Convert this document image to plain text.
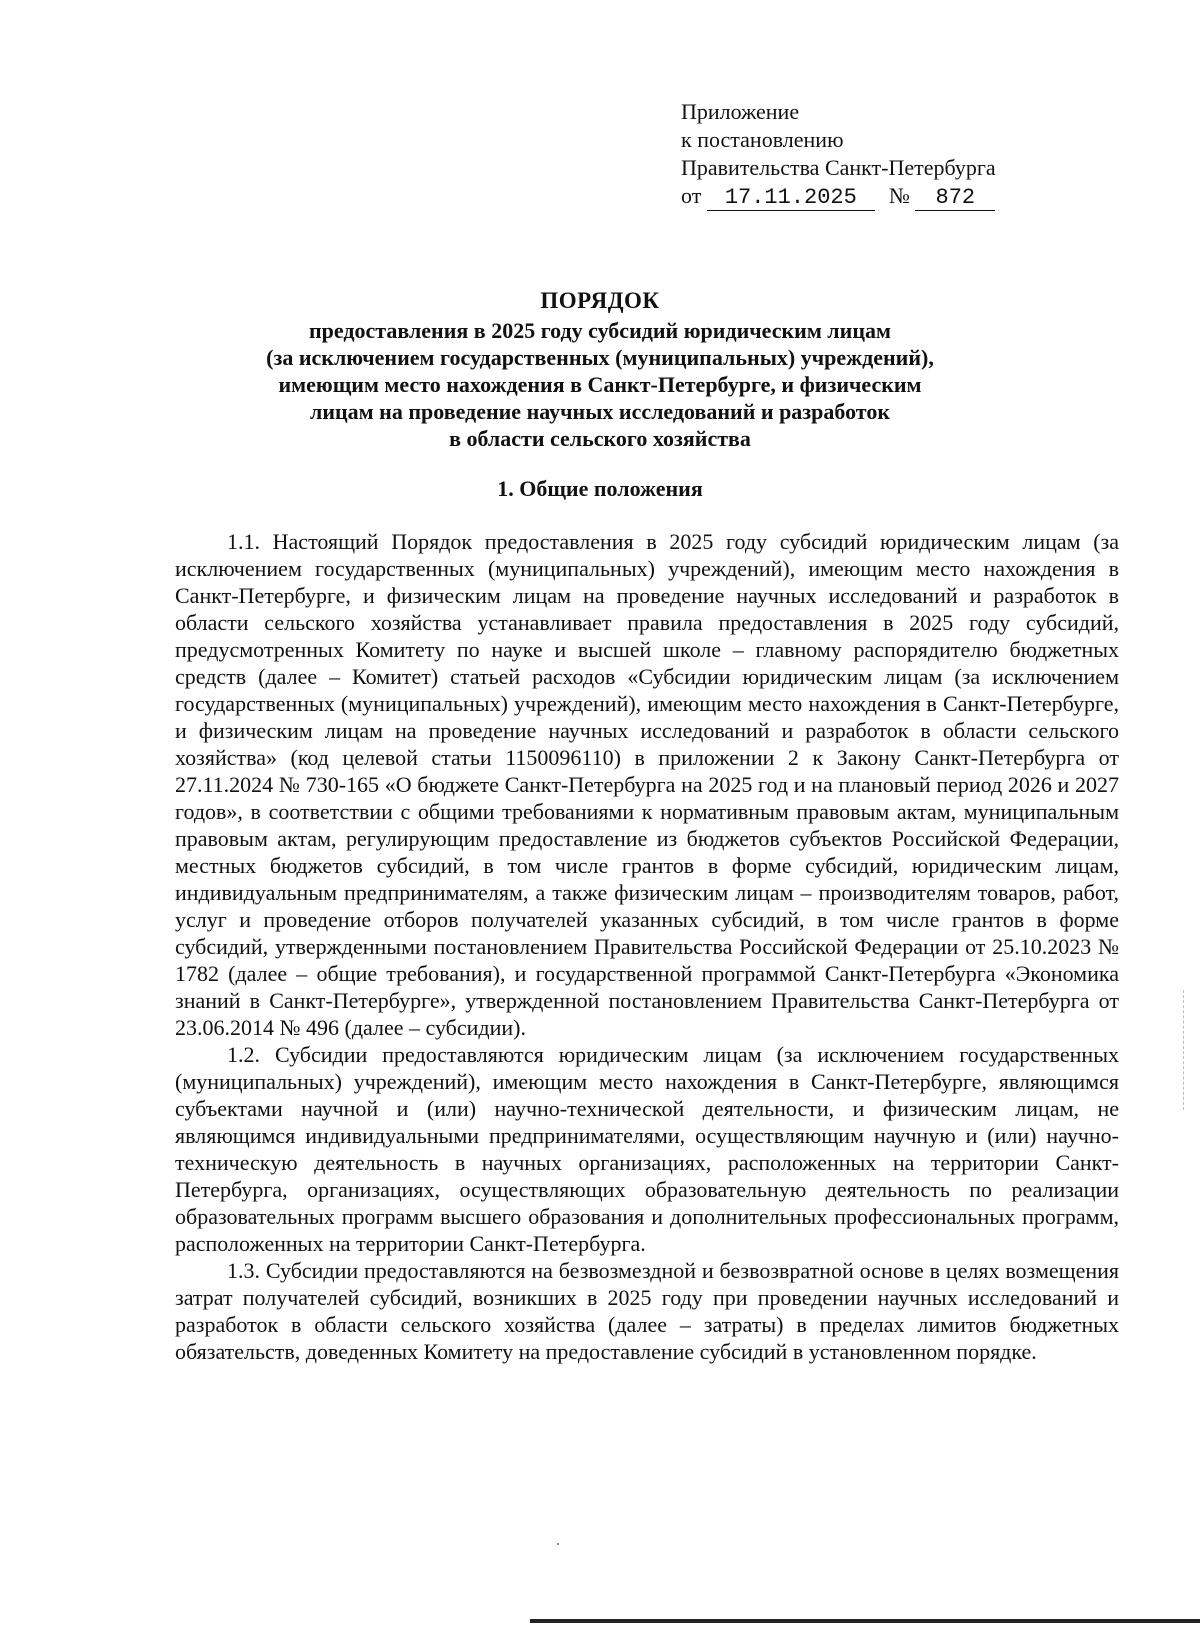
Приложение
к постановлению
Правительства Санкт-Петербурга
от 17.11.2025 № 872
ПОРЯДОК
предоставления в 2025 году субсидий юридическим лицам
(за исключением государственных (муниципальных) учреждений),
имеющим место нахождения в Санкт-Петербурге, и физическим
лицам на проведение научных исследований и разработок
в области сельского хозяйства
1. Общие положения

1.1. Настоящий Порядок предоставления в 2025 году субсидий юридическим лицам (за исключением государственных (муниципальных) учреждений), имеющим место нахождения в Санкт-Петербурге, и физическим лицам на проведение научных исследований и разработок в области сельского хозяйства устанавливает правила предоставления в 2025 году субсидий, предусмотренных Комитету по науке и высшей школе – главному распорядителю бюджетных средств (далее – Комитет) статьей расходов «Субсидии юридическим лицам (за исключением государственных (муниципальных) учреждений), имеющим место нахождения в Санкт-Петербурге, и физическим лицам на проведение научных исследований и разработок в области сельского хозяйства» (код целевой статьи 1150096110) в приложении 2 к Закону Санкт-Петербурга от 27.11.2024 № 730-165 «О бюджете Санкт-Петербурга на 2025 год и на плановый период 2026 и 2027 годов», в соответствии с общими требованиями к нормативным правовым актам, муниципальным правовым актам, регулирующим предоставление из бюджетов субъектов Российской Федерации, местных бюджетов субсидий, в том числе грантов в форме субсидий, юридическим лицам, индивидуальным предпринимателям, а также физическим лицам – производителям товаров, работ, услуг и проведение отборов получателей указанных субсидий, в том числе грантов в форме субсидий, утвержденными постановлением Правительства Российской Федерации от 25.10.2023 № 1782 (далее – общие требования), и государственной программой Санкт-Петербурга «Экономика знаний в Санкт-Петербурге», утвержденной постановлением Правительства Санкт-Петербурга от 23.06.2014 № 496 (далее – субсидии).

1.2. Субсидии предоставляются юридическим лицам (за исключением государственных (муниципальных) учреждений), имеющим место нахождения в Санкт-Петербурге, являющимся субъектами научной и (или) научно-технической деятельности, и физическим лицам, не являющимся индивидуальными предпринимателями, осуществляющим научную и (или) научно-техническую деятельность в научных организациях, расположенных на территории Санкт-Петербурга, организациях, осуществляющих образовательную деятельность по реализации образовательных программ высшего образования и дополнительных профессиональных программ, расположенных на территории Санкт-Петербурга.

1.3. Субсидии предоставляются на безвозмездной и безвозвратной основе в целях возмещения затрат получателей субсидий, возникших в 2025 году при проведении научных исследований и разработок в области сельского хозяйства (далее – затраты) в пределах лимитов бюджетных обязательств, доведенных Комитету на предоставление субсидий в установленном порядке.
